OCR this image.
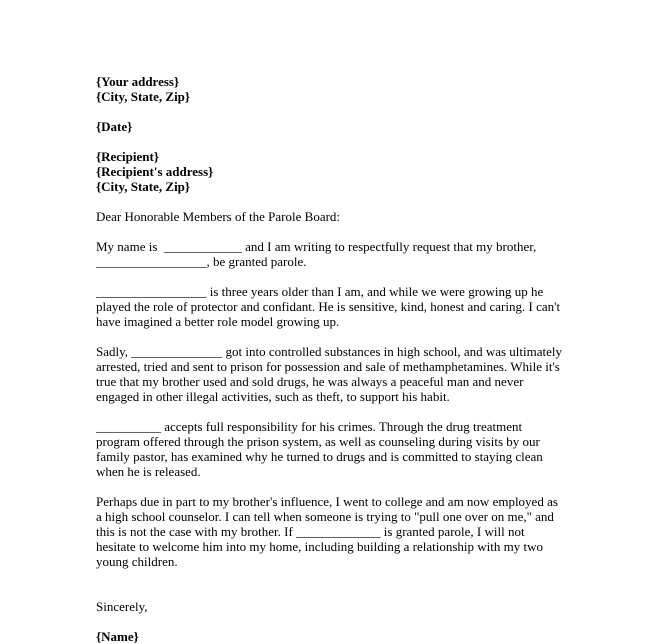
{Your address}
{City, State, Zip}
{Date}
{Recipient}
{Recipient's address}
{City, State, Zip}
Dear Honorable Members of the Parole Board:
My name is  ____________ and I am writing to respectfully request that my brother,
_________________, be granted parole.
_________________ is three years older than I am, and while we were growing up he
played the role of protector and confidant. He is sensitive, kind, honest and caring. I can't
have imagined a better role model growing up.
Sadly, ______________ got into controlled substances in high school, and was ultimately
arrested, tried and sent to prison for possession and sale of methamphetamines. While it's
true that my brother used and sold drugs, he was always a peaceful man and never
engaged in other illegal activities, such as theft, to support his habit.
__________ accepts full responsibility for his crimes. Through the drug treatment
program offered through the prison system, as well as counseling during visits by our
family pastor, has examined why he turned to drugs and is committed to staying clean
when he is released.
Perhaps due in part to my brother's influence, I went to college and am now employed as
a high school counselor. I can tell when someone is trying to "pull one over on me," and
this is not the case with my brother. If _____________ is granted parole, I will not
hesitate to welcome him into my home, including building a relationship with my two
young children.
Sincerely,
{Name}
